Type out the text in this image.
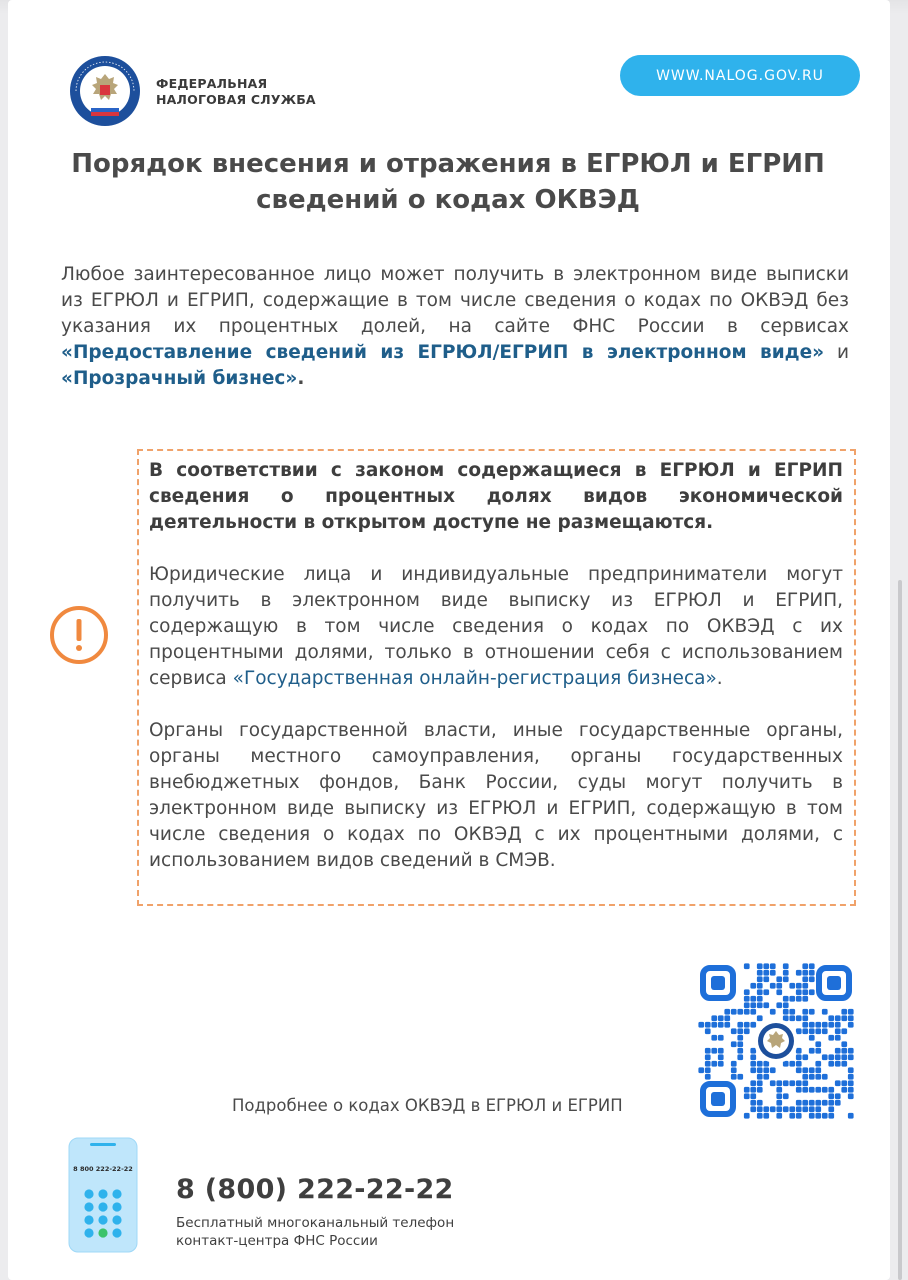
ФЕДЕРАЛЬНАЯ
НАЛОГОВАЯ СЛУЖБА
WWW.NALOG.GOV.RU
Порядок внесения и отражения в ЕГРЮЛ и ЕГРИП
сведений о кодах ОКВЭД
Любое заинтересованное лицо может получить в электронном виде выписки из ЕГРЮЛ и ЕГРИП, содержащие в том числе сведения о кодах по ОКВЭД без указания их процентных долей, на сайте ФНС России в сервисах «Предоставление сведений из ЕГРЮЛ/ЕГРИП в электронном виде» и «Прозрачный бизнес».

В соответствии с законом содержащиеся в ЕГРЮЛ и ЕГРИП сведения о процентных долях видов экономической деятельности в открытом доступе не размещаются.

Юридические лица и индивидуальные предприниматели могут получить в электронном виде выписку из ЕГРЮЛ и ЕГРИП, содержащую в том числе сведения о кодах по ОКВЭД с их процентными долями, только в отношении себя с использованием сервиса «Государственная онлайн-регистрация бизнеса».

Органы государственной власти, иные государственные органы, органы местного самоуправления, органы государственных внебюджетных фондов, Банк России, суды могут получить в электронном виде выписку из ЕГРЮЛ и ЕГРИП, содержащую в том числе сведения о кодах по ОКВЭД с их процентными долями, с использованием видов сведений в СМЭВ.

Подробнее о кодах ОКВЭД в ЕГРЮЛ и ЕГРИП
8 800 222-22-22
8 (800) 222-22-22
Бесплатный многоканальный телефон
контакт-центра ФНС России
